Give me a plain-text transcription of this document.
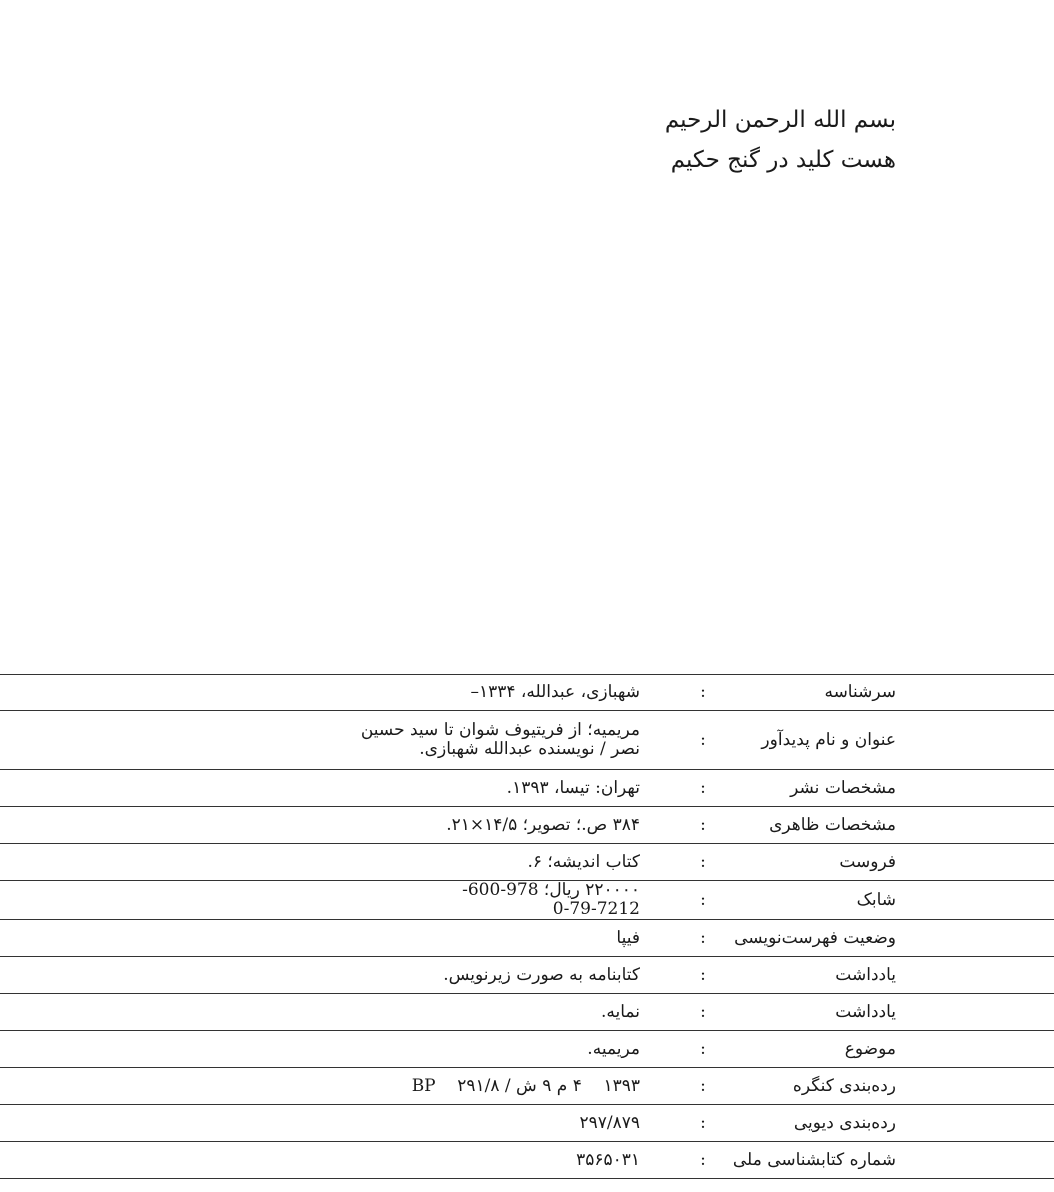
بسم الله الرحمن الرحیم
هست کلید در گنج حکیم
سرشناسه	:	شهبازی، عبدالله، ۱۳۳۴–
عنوان و نام پدیدآور	:	مریمیه؛ از فریتیوف شوان تا سید حسین نصر / نویسنده عبدالله شهبازی.
مشخصات نشر	:	تهران: تیسا، ۱۳۹۳.
مشخصات ظاهری	:	۳۸۴ ص.؛ تصویر؛ ۱۴/۵×۲۱.
فروست	:	کتاب اندیشه؛ ۶.
شابک	:	۲۲۰۰۰۰ ریال؛ 978-600-7212-79-0
وضعیت فهرست‌نویسی	:	فیپا
یادداشت	:	کتابنامه به صورت زیرنویس.
یادداشت	:	نمایه.
موضوع	:	مریمیه.
رده‌بندی کنگره	:	۱۳۹۳    ۴ م ۹ ش / ۲۹۱/۸    BP
رده‌بندی دیویی	:	۲۹۷/۸۷۹
شماره کتابشناسی ملی	:	۳۵۶۵۰۳۱
